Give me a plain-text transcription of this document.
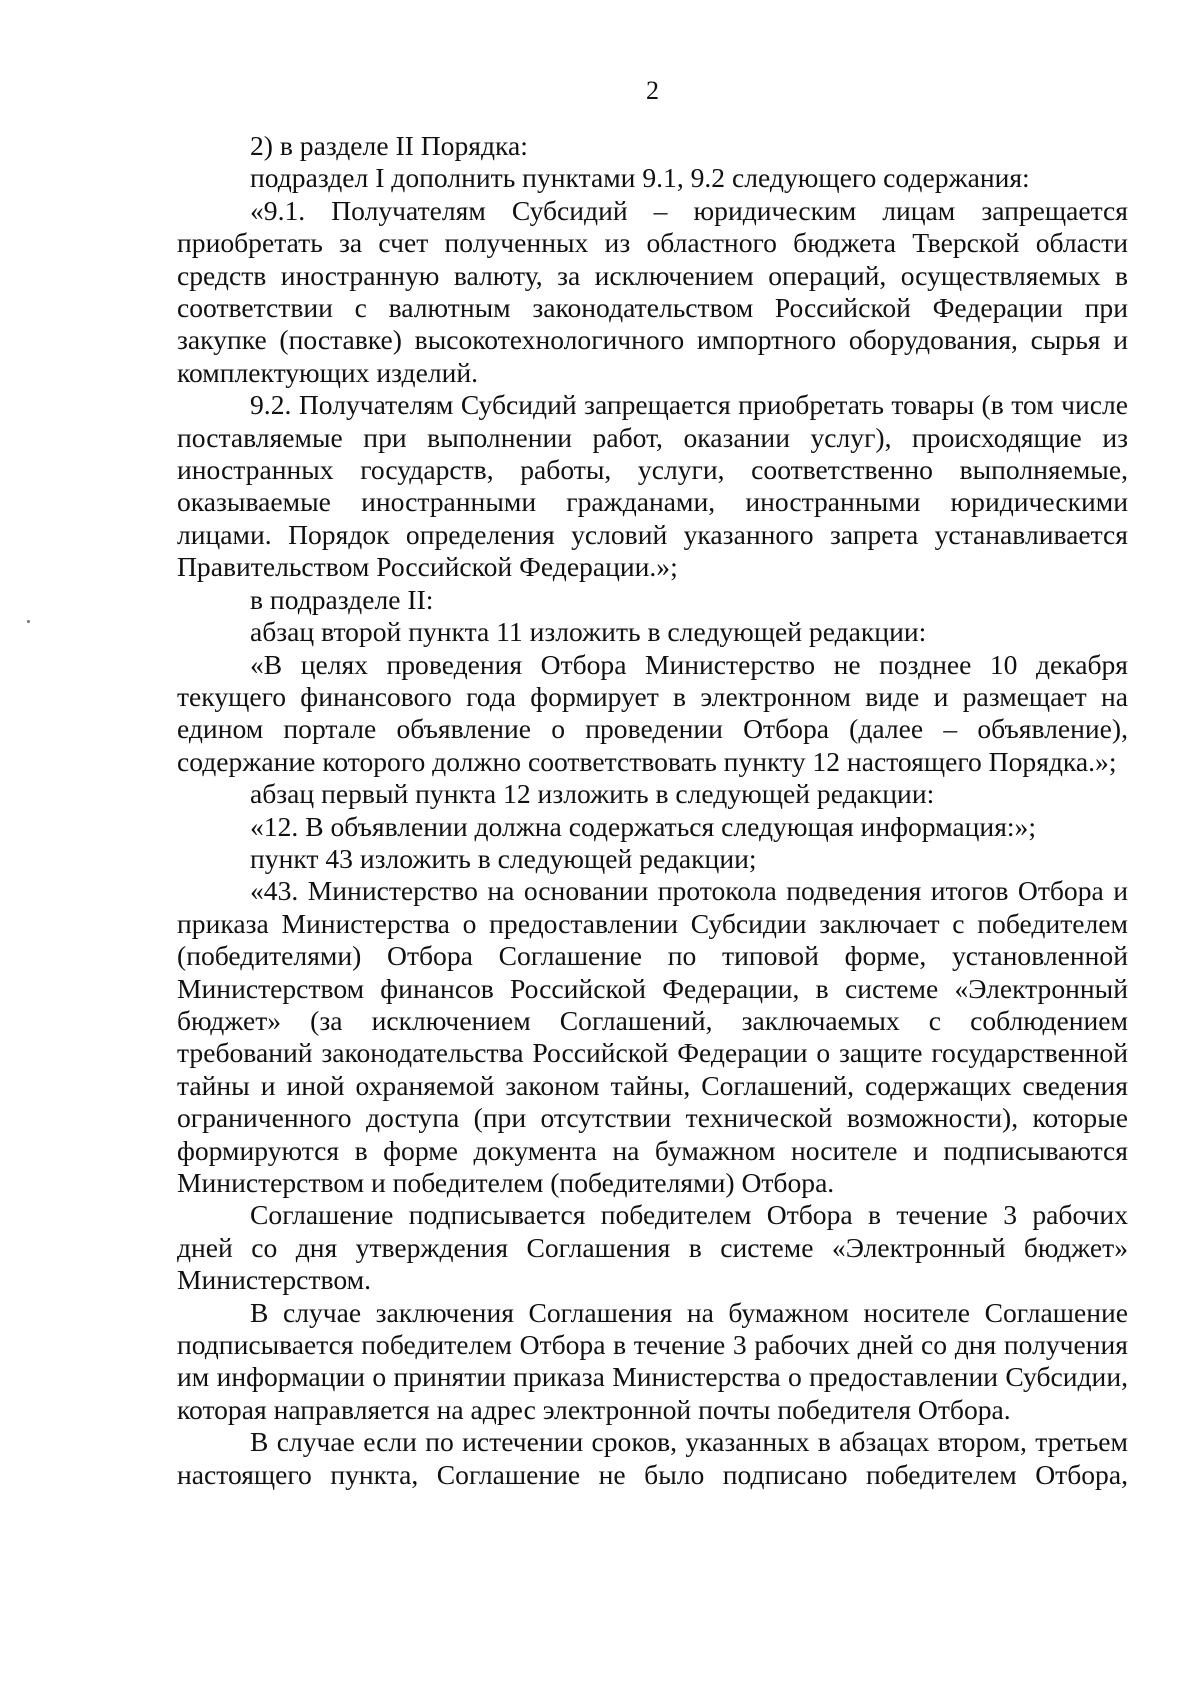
2

2) в разделе II Порядка:

подраздел I дополнить пунктами 9.1, 9.2 следующего содержания:

«9.1. Получателям Субсидий – юридическим лицам запрещается приобретать за счет полученных из областного бюджета Тверской области средств иностранную валюту, за исключением операций, осуществляемых в соответствии с валютным законодательством Российской Федерации при закупке (поставке) высокотехнологичного импортного оборудования, сырья и комплектующих изделий.

9.2. Получателям Субсидий запрещается приобретать товары (в том числе поставляемые при выполнении работ, оказании услуг), происходящие из иностранных государств, работы, услуги, соответственно выполняемые, оказываемые иностранными гражданами, иностранными юридическими лицами. Порядок определения условий указанного запрета устанавливается Правительством Российской Федерации.»;

в подразделе II:

абзац второй пункта 11 изложить в следующей редакции:

«В целях проведения Отбора Министерство не позднее 10 декабря текущего финансового года формирует в электронном виде и размещает на едином портале объявление о проведении Отбора (далее – объявление), содержание которого должно соответствовать пункту 12 настоящего Порядка.»;

абзац первый пункта 12 изложить в следующей редакции:

«12. В объявлении должна содержаться следующая информация:»;

пункт 43 изложить в следующей редакции;

«43. Министерство на основании протокола подведения итогов Отбора и приказа Министерства о предоставлении Субсидии заключает с победителем (победителями) Отбора Соглашение по типовой форме, установленной Министерством финансов Российской Федерации, в системе «Электронный бюджет» (за исключением Соглашений, заключаемых с соблюдением требований законодательства Российской Федерации о защите государственной тайны и иной охраняемой законом тайны, Соглашений, содержащих сведения ограниченного доступа (при отсутствии технической возможности), которые формируются в форме документа на бумажном носителе и подписываются Министерством и победителем (победителями) Отбора.

Соглашение подписывается победителем Отбора в течение 3 рабочих дней со дня утверждения Соглашения в системе «Электронный бюджет» Министерством.

В случае заключения Соглашения на бумажном носителе Соглашение подписывается победителем Отбора в течение 3 рабочих дней со дня получения им информации о принятии приказа Министерства о предоставлении Субсидии, которая направляется на адрес электронной почты победителя Отбора.

В случае если по истечении сроков, указанных в абзацах втором, третьем настоящего пункта, Соглашение не было подписано победителем Отбора,
